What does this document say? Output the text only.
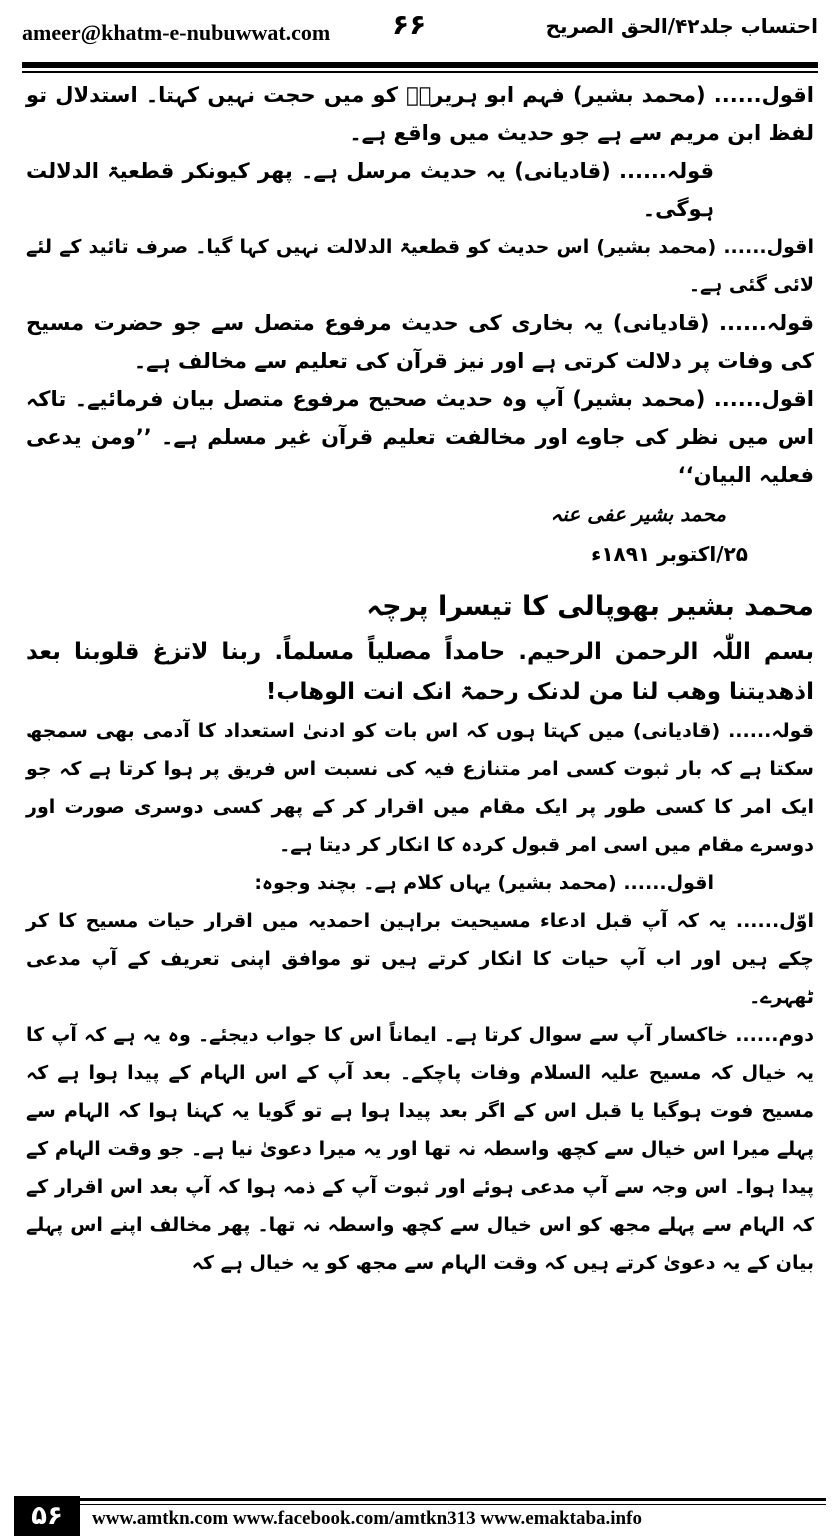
ameer@khatm-e-nubuwwat.com ۶۶	احتساب جلد۴۲/الحق الصریح

اقول...... (محمد بشیر) فہم ابو ہریرہؓ کو میں حجت نہیں کہتا۔ استدلال تو لفظ ابن مریم سے ہے جو حدیث میں واقع ہے۔

قولہ...... (قادیانی) یہ حدیث مرسل ہے۔ پھر کیونکر قطعیۃ الدلالت ہوگی۔

اقول...... (محمد بشیر) اس حدیث کو قطعیۃ الدلالت نہیں کہا گیا۔ صرف تائید کے لئے لائی گئی ہے۔

قولہ...... (قادیانی) یہ بخاری کی حدیث مرفوع متصل سے جو حضرت مسیح کی وفات پر دلالت کرتی ہے اور نیز قرآن کی تعلیم سے مخالف ہے۔

اقول...... (محمد بشیر) آپ وہ حدیث صحیح مرفوع متصل بیان فرمائیے۔ تاکہ اس میں نظر کی جاوے اور مخالفت تعلیم قرآن غیر مسلم ہے۔ ’’ومن یدعی فعلیہ البیان‘‘

محمد بشیر عفی عنہ

۲۵/اکتوبر ۱۸۹۱ء

محمد بشیر بھوپالی کا تیسرا پرچہ

بسم اللّٰہ الرحمن الرحیم. حامداً مصلیاً مسلماً. ربنا لاتزغ قلوبنا بعد اذھدیتنا وھب لنا من لدنک رحمۃ انک انت الوھاب!

قولہ...... (قادیانی) میں کہتا ہوں کہ اس بات کو ادنیٰ استعداد کا آدمی بھی سمجھ سکتا ہے کہ بار ثبوت کسی امر متنازع فیہ کی نسبت اس فریق پر ہوا کرتا ہے کہ جو ایک امر کا کسی طور پر ایک مقام میں اقرار کر کے پھر کسی دوسری صورت اور دوسرے مقام میں اسی امر قبول کردہ کا انکار کر دیتا ہے۔

اقول...... (محمد بشیر) یہاں کلام ہے۔ بچند وجوہ:

اوّل...... یہ کہ آپ قبل ادعاء مسیحیت براہین احمدیہ میں اقرار حیات مسیح کا کر چکے ہیں اور اب آپ حیات کا انکار کرتے ہیں تو موافق اپنی تعریف کے آپ مدعی ٹھہرے۔

دوم...... خاکسار آپ سے سوال کرتا ہے۔ ایماناً اس کا جواب دیجئے۔ وہ یہ ہے کہ آپ کا یہ خیال کہ مسیح علیہ السلام وفات پاچکے۔ بعد آپ کے اس الہام کے پیدا ہوا ہے کہ مسیح فوت ہوگیا یا قبل اس کے اگر بعد پیدا ہوا ہے تو گویا یہ کہنا ہوا کہ الہام سے پہلے میرا اس خیال سے کچھ واسطہ نہ تھا اور یہ میرا دعویٰ نیا ہے۔ جو وقت الہام کے پیدا ہوا۔ اس وجہ سے آپ مدعی ہوئے اور ثبوت آپ کے ذمہ ہوا کہ آپ بعد اس اقرار کے کہ الہام سے پہلے مجھ کو اس خیال سے کچھ واسطہ نہ تھا۔ پھر مخالف اپنے اس پہلے بیان کے یہ دعویٰ کرتے ہیں کہ وقت الہام سے مجھ کو یہ خیال ہے کہ

۵۶	www.amtkn.com www.facebook.com/amtkn313 www.emaktaba.info
